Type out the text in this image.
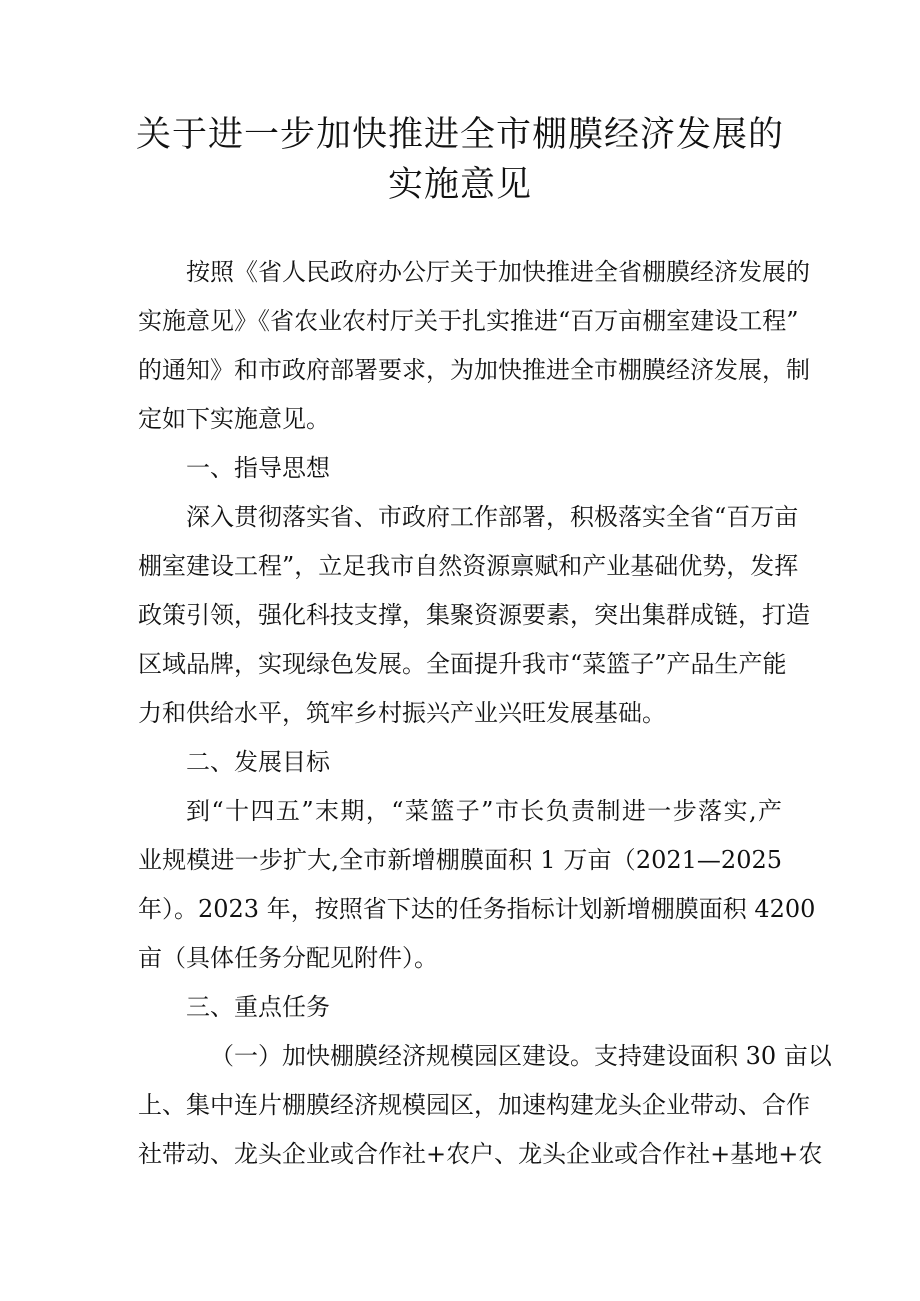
关于进一步加快推进全市棚膜经济发展的
实施意见
按照《省人民政府办公厅关于加快推进全省棚膜经济发展的
实施意见》《省农业农村厅关于扎实推进“百万亩棚室建设工程”
的通知》和市政府部署要求，为加快推进全市棚膜经济发展，制
定如下实施意见。
一、指导思想
深入贯彻落实省、市政府工作部署，积极落实全省“百万亩
棚室建设工程”，立足我市自然资源禀赋和产业基础优势，发挥
政策引领，强化科技支撑，集聚资源要素，突出集群成链，打造
区域品牌，实现绿色发展。全面提升我市“菜篮子”产品生产能
力和供给水平，筑牢乡村振兴产业兴旺发展基础。
二、发展目标
到“十四五”末期，“菜篮子”市长负责制进一步落实,产
业规模进一步扩大,全市新增棚膜面积 1 万亩（2021—2025
年）。2023 年，按照省下达的任务指标计划新增棚膜面积 4200
亩（具体任务分配见附件）。
三、重点任务
（一）加快棚膜经济规模园区建设。支持建设面积 30 亩以
上、集中连片棚膜经济规模园区，加速构建龙头企业带动、合作
社带动、龙头企业或合作社+农户、龙头企业或合作社+基地+农
